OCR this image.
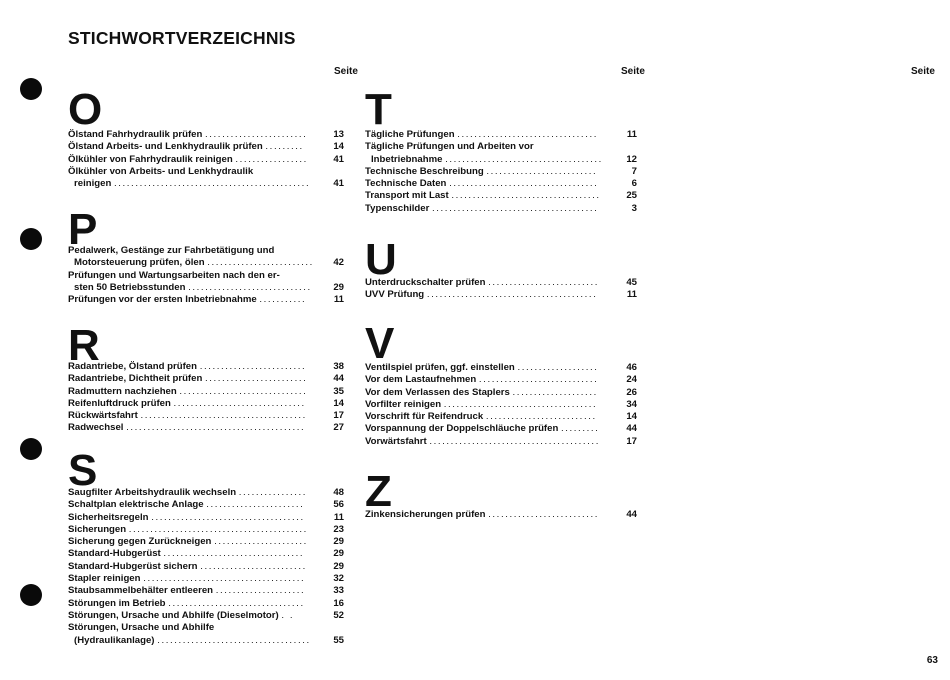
STICHWORTVERZEICHNIS
Seite	Seite	Seite
O
Ölstand Fahrhydraulik prüfen ........................	13
Ölstand Arbeits- und Lenkhydraulik prüfen .........	14
Ölkühler von Fahrhydraulik reinigen .................	41
Ölkühler von Arbeits- und Lenkhydraulik
reinigen .............................................. 41
P
Pedalwerk, Gestänge zur Fahrbetätigung und
Motorsteuerung prüfen, ölen ......................... 42
Prüfungen und Wartungsarbeiten nach den er-
sten 50 Betriebsstunden ............................. 29
Prüfungen vor der ersten Inbetriebnahme ...........	11
R
Radantriebe, Ölstand prüfen .........................	38
Radantriebe, Dichtheit prüfen ........................	44
Radmuttern nachziehen ..............................	35
Reifenluftdruck prüfen ...............................	14
Rückwärtsfahrt .......................................	17
Radwechsel ..........................................	27
S
Saugfilter Arbeitshydraulik wechseln ................	48
Schaltplan elektrische Anlage .......................	56
Sicherheitsregeln ....................................	11
Sicherungen ..........................................	23
Sicherung gegen Zurückneigen ......................	29
Standard-Hubgerüst .................................	29
Standard-Hubgerüst sichern .........................	29
Stapler reinigen ......................................	32
Staubsammelbehälter entleeren .....................	33
Störungen im Betrieb ................................	16
Störungen, Ursache und Abhilfe (Dieselmotor) . .	52
Störungen, Ursache und Abhilfe
(Hydraulikanlage) .................................... 55
T
Tägliche Prüfungen .................................	11
Tägliche Prüfungen und Arbeiten vor
Inbetriebnahme ..................................... 12
Technische Beschreibung ..........................	7
Technische Daten ...................................	6
Transport mit Last ...................................	25
Typenschilder .......................................	3
U
Unterdruckschalter prüfen ..........................	45
UVV Prüfung ........................................	11
V
Ventilspiel prüfen, ggf. einstellen ...................	46
Vor dem Lastaufnehmen ............................	24
Vor dem Verlassen des Staplers ....................	26
Vorfilter reinigen ....................................	34
Vorschrift für Reifendruck ..........................	14
Vorspannung der Doppelschläuche prüfen .........	44
Vorwärtsfahrt ........................................	17
Z
Zinkensicherungen prüfen ..........................	44
63
